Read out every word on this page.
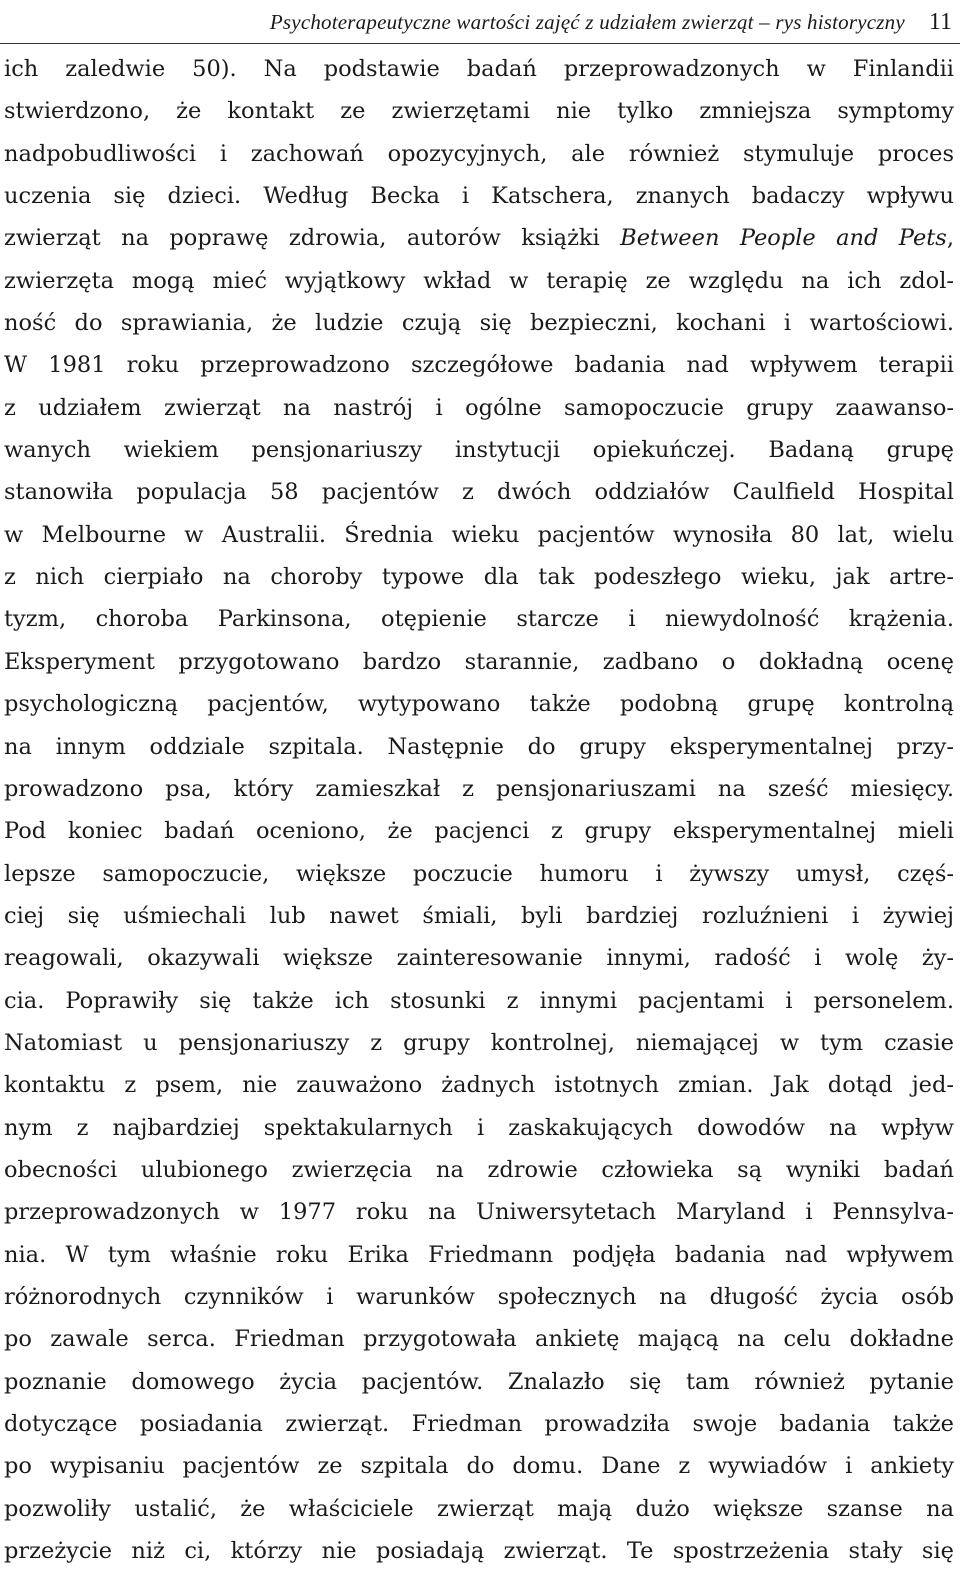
Psychoterapeutyczne wartości zajęć z udziałem zwierząt – rys historyczny 11
ich zaledwie 50). Na podstawie badań przeprowadzonych w Finlandii
stwierdzono, że kontakt ze zwierzętami nie tylko zmniejsza symptomy
nadpobudliwości i zachowań opozycyjnych, ale również stymuluje proces
uczenia się dzieci. Według Becka i Katschera, znanych badaczy wpływu
zwierząt na poprawę zdrowia, autorów książki Between People and Pets,
zwierzęta mogą mieć wyjątkowy wkład w terapię ze względu na ich zdol-
ność do sprawiania, że ludzie czują się bezpieczni, kochani i wartościowi.
W 1981 roku przeprowadzono szczegółowe badania nad wpływem terapii
z udziałem zwierząt na nastrój i ogólne samopoczucie grupy zaawanso-
wanych wiekiem pensjonariuszy instytucji opiekuńczej. Badaną grupę
stanowiła populacja 58 pacjentów z dwóch oddziałów Caulfield Hospital
w Melbourne w Australii. Średnia wieku pacjentów wynosiła 80 lat, wielu
z nich cierpiało na choroby typowe dla tak podeszłego wieku, jak artre-
tyzm, choroba Parkinsona, otępienie starcze i niewydolność krążenia.
Eksperyment przygotowano bardzo starannie, zadbano o dokładną ocenę
psychologiczną pacjentów, wytypowano także podobną grupę kontrolną
na innym oddziale szpitala. Następnie do grupy eksperymentalnej przy-
prowadzono psa, który zamieszkał z pensjonariuszami na sześć miesięcy.
Pod koniec badań oceniono, że pacjenci z grupy eksperymentalnej mieli
lepsze samopoczucie, większe poczucie humoru i żywszy umysł, częś-
ciej się uśmiechali lub nawet śmiali, byli bardziej rozluźnieni i żywiej
reagowali, okazywali większe zainteresowanie innymi, radość i wolę ży-
cia. Poprawiły się także ich stosunki z innymi pacjentami i personelem.
Natomiast u pensjonariuszy z grupy kontrolnej, niemającej w tym czasie
kontaktu z psem, nie zauważono żadnych istotnych zmian. Jak dotąd jed-
nym z najbardziej spektakularnych i zaskakujących dowodów na wpływ
obecności ulubionego zwierzęcia na zdrowie człowieka są wyniki badań
przeprowadzonych w 1977 roku na Uniwersytetach Maryland i Pennsylva-
nia. W tym właśnie roku Erika Friedmann podjęła badania nad wpływem
różnorodnych czynników i warunków społecznych na długość życia osób
po zawale serca. Friedman przygotowała ankietę mającą na celu dokładne
poznanie domowego życia pacjentów. Znalazło się tam również pytanie
dotyczące posiadania zwierząt. Friedman prowadziła swoje badania także
po wypisaniu pacjentów ze szpitala do domu. Dane z wywiadów i ankiety
pozwoliły ustalić, że właściciele zwierząt mają dużo większe szanse na
przeżycie niż ci, którzy nie posiadają zwierząt. Te spostrzeżenia stały się
